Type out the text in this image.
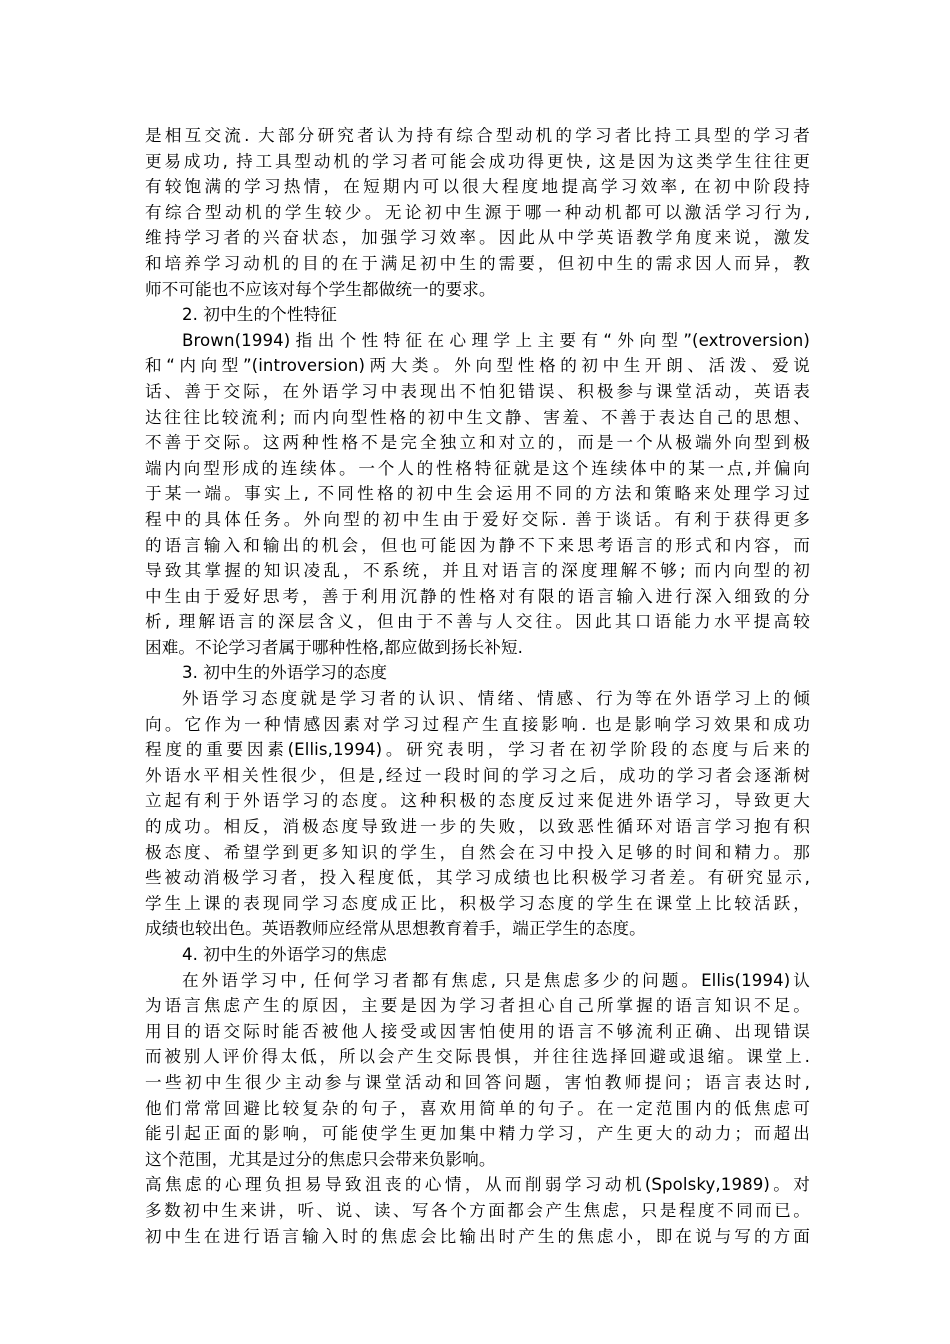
是相互交流. 大部分研究者认为持有综合型动机的学习者比持工具型的学习者
更易成功, 持工具型动机的学习者可能会成功得更快, 这是因为这类学生往往更
有较饱满的学习热情，在短期内可以很大程度地提高学习效率, 在初中阶段持
有综合型动机的学生较少。无论初中生源于哪一种动机都可以激活学习行为,
维持学习者的兴奋状态，加强学习效率。因此从中学英语教学角度来说，激发
和培养学习动机的目的在于满足初中生的需要，但初中生的需求因人而异，教
师不可能也不应该对每个学生都做统一的要求。
2. 初中生的个性特征
Brown(1994)指出个性特征在心理学上主要有“外向型”(extroversion)
和“内向型”(introversion)两大类。外向型性格的初中生开朗、活泼、爱说
话、善于交际，在外语学习中表现出不怕犯错误、积极参与课堂活动，英语表
达往往比较流利; 而内向型性格的初中生文静、害羞、不善于表达自己的思想、
不善于交际。这两种性格不是完全独立和对立的，而是一个从极端外向型到极
端内向型形成的连续体。一个人的性格特征就是这个连续体中的某一点,并偏向
于某一端。事实上, 不同性格的初中生会运用不同的方法和策略来处理学习过
程中的具体任务。外向型的初中生由于爱好交际. 善于谈话。有利于获得更多
的语言输入和输出的机会，但也可能因为静不下来思考语言的形式和内容，而
导致其掌握的知识凌乱，不系统，并且对语言的深度理解不够; 而内向型的初
中生由于爱好思考，善于利用沉静的性格对有限的语言输入进行深入细致的分
析, 理解语言的深层含义，但由于不善与人交往。因此其口语能力水平提高较
困难。不论学习者属于哪种性格,都应做到扬长补短.
3. 初中生的外语学习的态度
外语学习态度就是学习者的认识、情绪、情感、行为等在外语学习上的倾
向。它作为一种情感因素对学习过程产生直接影响. 也是影响学习效果和成功
程度的重要因素(Ellis,1994)。研究表明，学习者在初学阶段的态度与后来的
外语水平相关性很少，但是,经过一段时间的学习之后，成功的学习者会逐渐树
立起有利于外语学习的态度。这种积极的态度反过来促进外语学习，导致更大
的成功。相反，消极态度导致进一步的失败，以致恶性循环对语言学习抱有积
极态度、希望学到更多知识的学生，自然会在习中投入足够的时间和精力。那
些被动消极学习者，投入程度低，其学习成绩也比积极学习者差。有研究显示,
学生上课的表现同学习态度成正比，积极学习态度的学生在课堂上比较活跃，
成绩也较出色。英语教师应经常从思想教育着手，端正学生的态度。
4. 初中生的外语学习的焦虑
在外语学习中, 任何学习者都有焦虑, 只是焦虑多少的问题。Ellis(1994)认
为语言焦虑产生的原因，主要是因为学习者担心自己所掌握的语言知识不足。
用目的语交际时能否被他人接受或因害怕使用的语言不够流利正确、出现错误
而被别人评价得太低，所以会产生交际畏惧，并往往选择回避或退缩。课堂上.
一些初中生很少主动参与课堂活动和回答问题，害怕教师提问；语言表达时,
他们常常回避比较复杂的句子，喜欢用简单的句子。在一定范围内的低焦虑可
能引起正面的影响，可能使学生更加集中精力学习，产生更大的动力；而超出
这个范围，尤其是过分的焦虑只会带来负影响。
高焦虑的心理负担易导致沮丧的心情，从而削弱学习动机(Spolsky,1989)。对
多数初中生来讲，听、说、读、写各个方面都会产生焦虑，只是程度不同而已。
初中生在进行语言输入时的焦虑会比输出时产生的焦虑小，即在说与写的方面
